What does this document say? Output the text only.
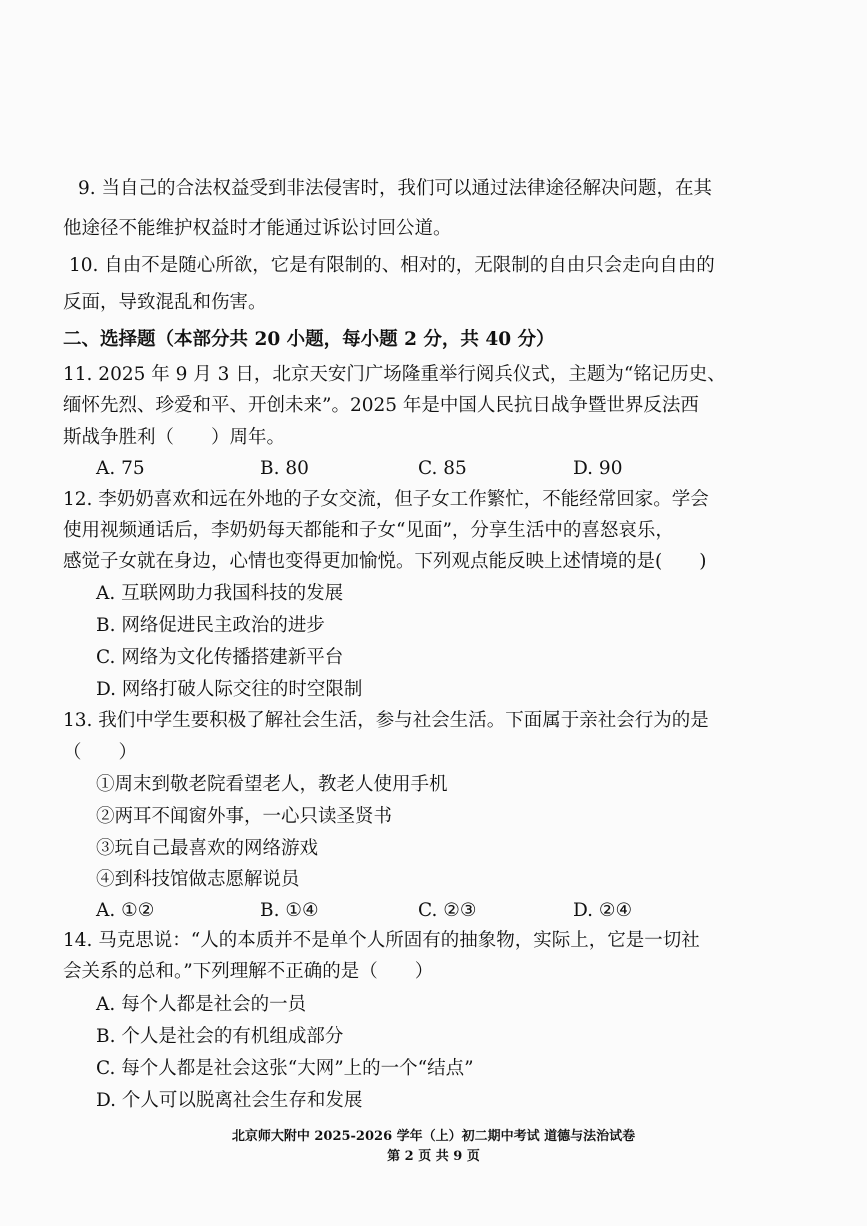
9. 当自己的合法权益受到非法侵害时，我们可以通过法律途径解决问题，在其
他途径不能维护权益时才能通过诉讼讨回公道。
10. 自由不是随心所欲，它是有限制的、相对的，无限制的自由只会走向自由的
反面，导致混乱和伤害。
二、选择题（本部分共 20 小题，每小题 2 分，共 40 分）
11. 2025 年 9 月 3 日，北京天安门广场隆重举行阅兵仪式，主题为“铭记历史、
缅怀先烈、珍爱和平、开创未来”。2025 年是中国人民抗日战争暨世界反法西
斯战争胜利（　　）周年。
A. 75	B. 80	C. 85	D. 90
12. 李奶奶喜欢和远在外地的子女交流，但子女工作繁忙，不能经常回家。学会
使用视频通话后，李奶奶每天都能和子女“见面”，分享生活中的喜怒哀乐，
感觉子女就在身边，心情也变得更加愉悦。下列观点能反映上述情境的是(　　)
A. 互联网助力我国科技的发展
B. 网络促进民主政治的进步
C. 网络为文化传播搭建新平台
D. 网络打破人际交往的时空限制
13. 我们中学生要积极了解社会生活，参与社会生活。下面属于亲社会行为的是
（　　）
①周末到敬老院看望老人，教老人使用手机
②两耳不闻窗外事，一心只读圣贤书
③玩自己最喜欢的网络游戏
④到科技馆做志愿解说员
A. ①②	B. ①④	C. ②③	D. ②④
14. 马克思说：“人的本质并不是单个人所固有的抽象物，实际上，它是一切社
会关系的总和。”下列理解不正确的是（　　）
A. 每个人都是社会的一员
B. 个人是社会的有机组成部分
C. 每个人都是社会这张“大网”上的一个“结点”
D. 个人可以脱离社会生存和发展
北京师大附中 2025-2026 学年（上）初二期中考试 道德与法治试卷
第 2 页 共 9 页
